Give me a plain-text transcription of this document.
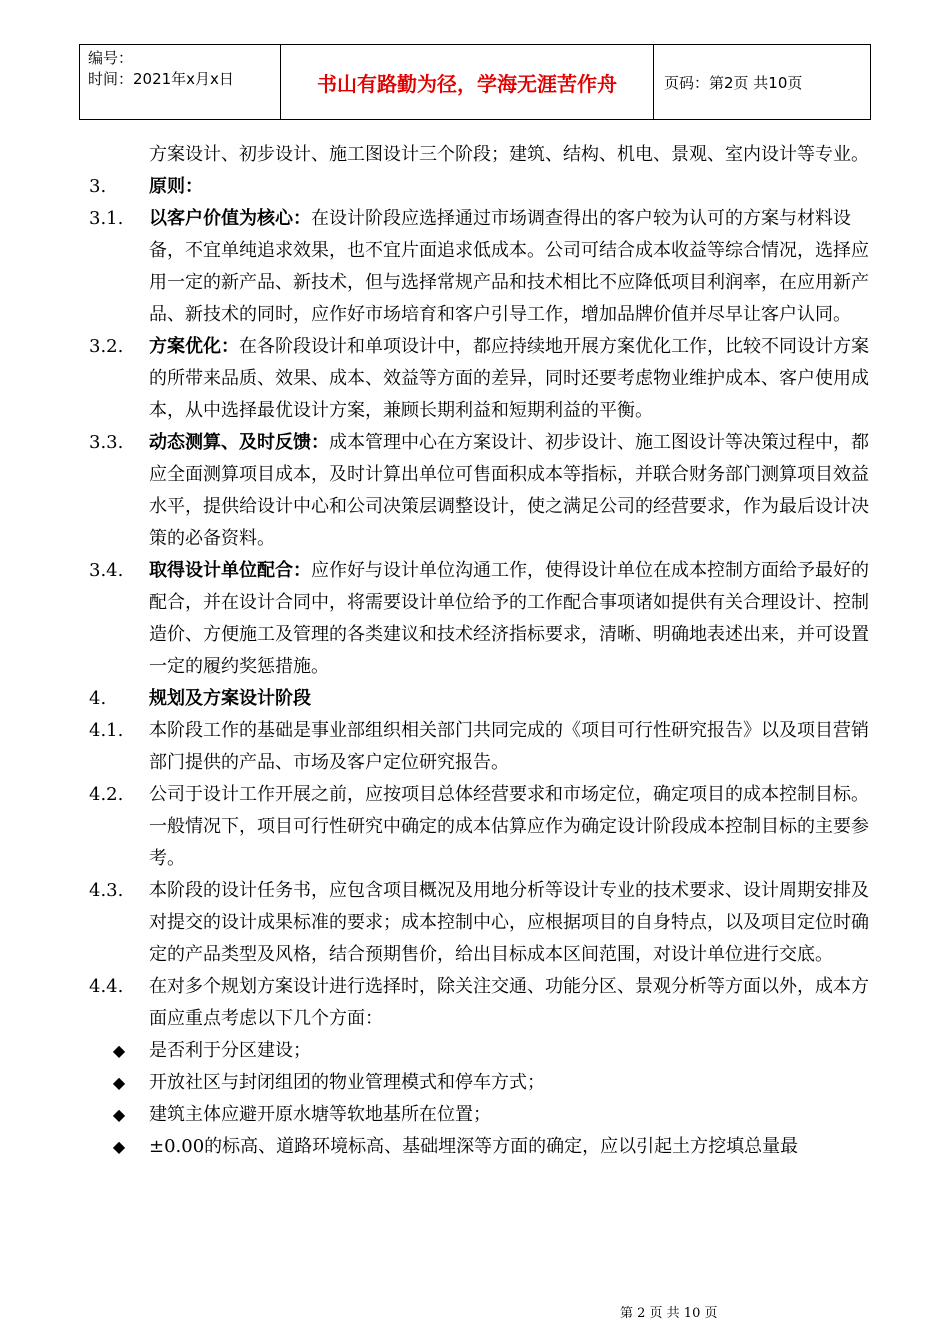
编号：
时间：2021年x月x日	书山有路勤为径，学海无涯苦作舟	页码：第2页 共10页
方案设计、初步设计、施工图设计三个阶段；建筑、结构、机电、景观、室内设计等专业。
3.	原则：
3.1.	以客户价值为核心：在设计阶段应选择通过市场调查得出的客户较为认可的方案与材料设备，不宜单纯追求效果，也不宜片面追求低成本。公司可结合成本收益等综合情况，选择应用一定的新产品、新技术，但与选择常规产品和技术相比不应降低项目利润率，在应用新产品、新技术的同时，应作好市场培育和客户引导工作，增加品牌价值并尽早让客户认同。
3.2.	方案优化：在各阶段设计和单项设计中，都应持续地开展方案优化工作，比较不同设计方案的所带来品质、效果、成本、效益等方面的差异，同时还要考虑物业维护成本、客户使用成本，从中选择最优设计方案，兼顾长期利益和短期利益的平衡。
3.3.	动态测算、及时反馈：成本管理中心在方案设计、初步设计、施工图设计等决策过程中，都应全面测算项目成本，及时计算出单位可售面积成本等指标，并联合财务部门测算项目效益水平，提供给设计中心和公司决策层调整设计，使之满足公司的经营要求，作为最后设计决策的必备资料。
3.4.	取得设计单位配合：应作好与设计单位沟通工作，使得设计单位在成本控制方面给予最好的配合，并在设计合同中，将需要设计单位给予的工作配合事项诸如提供有关合理设计、控制造价、方便施工及管理的各类建议和技术经济指标要求，清晰、明确地表述出来，并可设置一定的履约奖惩措施。
4.	规划及方案设计阶段
4.1.	本阶段工作的基础是事业部组织相关部门共同完成的《项目可行性研究报告》以及项目营销部门提供的产品、市场及客户定位研究报告。
4.2.	公司于设计工作开展之前，应按项目总体经营要求和市场定位，确定项目的成本控制目标。一般情况下，项目可行性研究中确定的成本估算应作为确定设计阶段成本控制目标的主要参考。
4.3.	本阶段的设计任务书，应包含项目概况及用地分析等设计专业的技术要求、设计周期安排及对提交的设计成果标准的要求；成本控制中心，应根据项目的自身特点，以及项目定位时确定的产品类型及风格，结合预期售价，给出目标成本区间范围，对设计单位进行交底。
4.4.	在对多个规划方案设计进行选择时，除关注交通、功能分区、景观分析等方面以外，成本方面应重点考虑以下几个方面：
◆	是否利于分区建设；
◆	开放社区与封闭组团的物业管理模式和停车方式；
◆	建筑主体应避开原水塘等软地基所在位置；
◆	±0.00的标高、道路环境标高、基础埋深等方面的确定，应以引起土方挖填总量最
第 2 页 共 10 页
